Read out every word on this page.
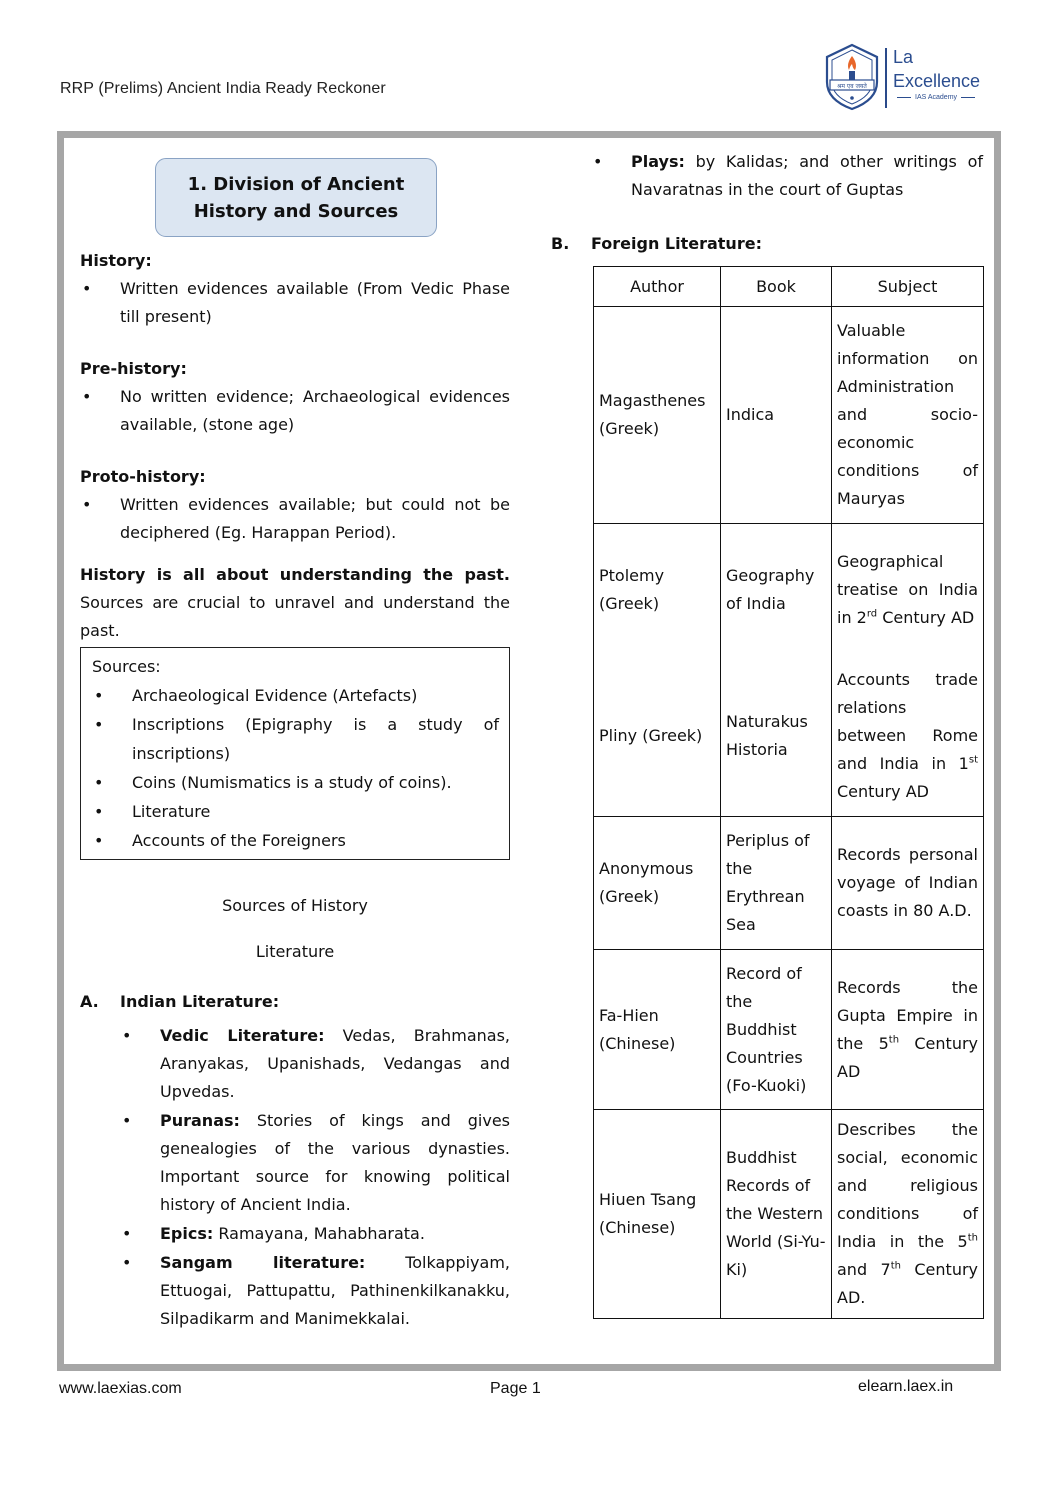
RRP (Prelims) Ancient India Ready Reckoner	श्रम एव जयते
La
Excellence
IAS Academy
1. Division of Ancient
History and Sources
History:
• Written evidences available (From Vedic Phase till present)
Pre-history:
• No written evidence; Archaeological evidences available, (stone age)
Proto-history:
• Written evidences available; but could not be deciphered (Eg. Harappan Period).
History is all about understanding the past. Sources are crucial to unravel and understand the past.
Sources:
• Archaeological Evidence (Artefacts)
• Inscriptions (Epigraphy is a study of inscriptions)
• Coins (Numismatics is a study of coins).
• Literature
• Accounts of the Foreigners
Sources of History
Literature
A. Indian Literature:
• Vedic Literature: Vedas, Brahmanas, Aranyakas, Upanishads, Vedangas and Upvedas.
• Puranas: Stories of kings and gives genealogies of the various dynasties. Important source for knowing political history of Ancient India.
• Epics: Ramayana, Mahabharata.
• Sangam literature: Tolkappiyam, Ettuogai, Pattupattu, Pathinenkilkanakku, Silpadikarm and Manimekkalai.
• Plays: by Kalidas; and other writings of Navaratnas in the court of Guptas
B. Foreign Literature:
Author	Book	Subject
Magasthenes (Greek)	Indica	Valuable information on Administration and socio-economic conditions of Mauryas
Ptolemy (Greek)	Geography of India	Geographical treatise on India in 2rd Century AD
Pliny (Greek)	Naturakus Historia	Accounts trade relations between Rome and India in 1st Century AD
Anonymous (Greek)	Periplus of the Erythrean Sea	Records personal voyage of Indian coasts in 80 A.D.
Fa-Hien (Chinese)	Record of the Buddhist Countries (Fo-Kuoki)	Records the Gupta Empire in the 5th Century AD
Hiuen Tsang (Chinese)	Buddhist Records of the Western World (Si-Yu-Ki)	Describes the social, economic and religious conditions of India in the 5th and 7th Century AD.
www.laexias.com	Page 1	elearn.laex.in
